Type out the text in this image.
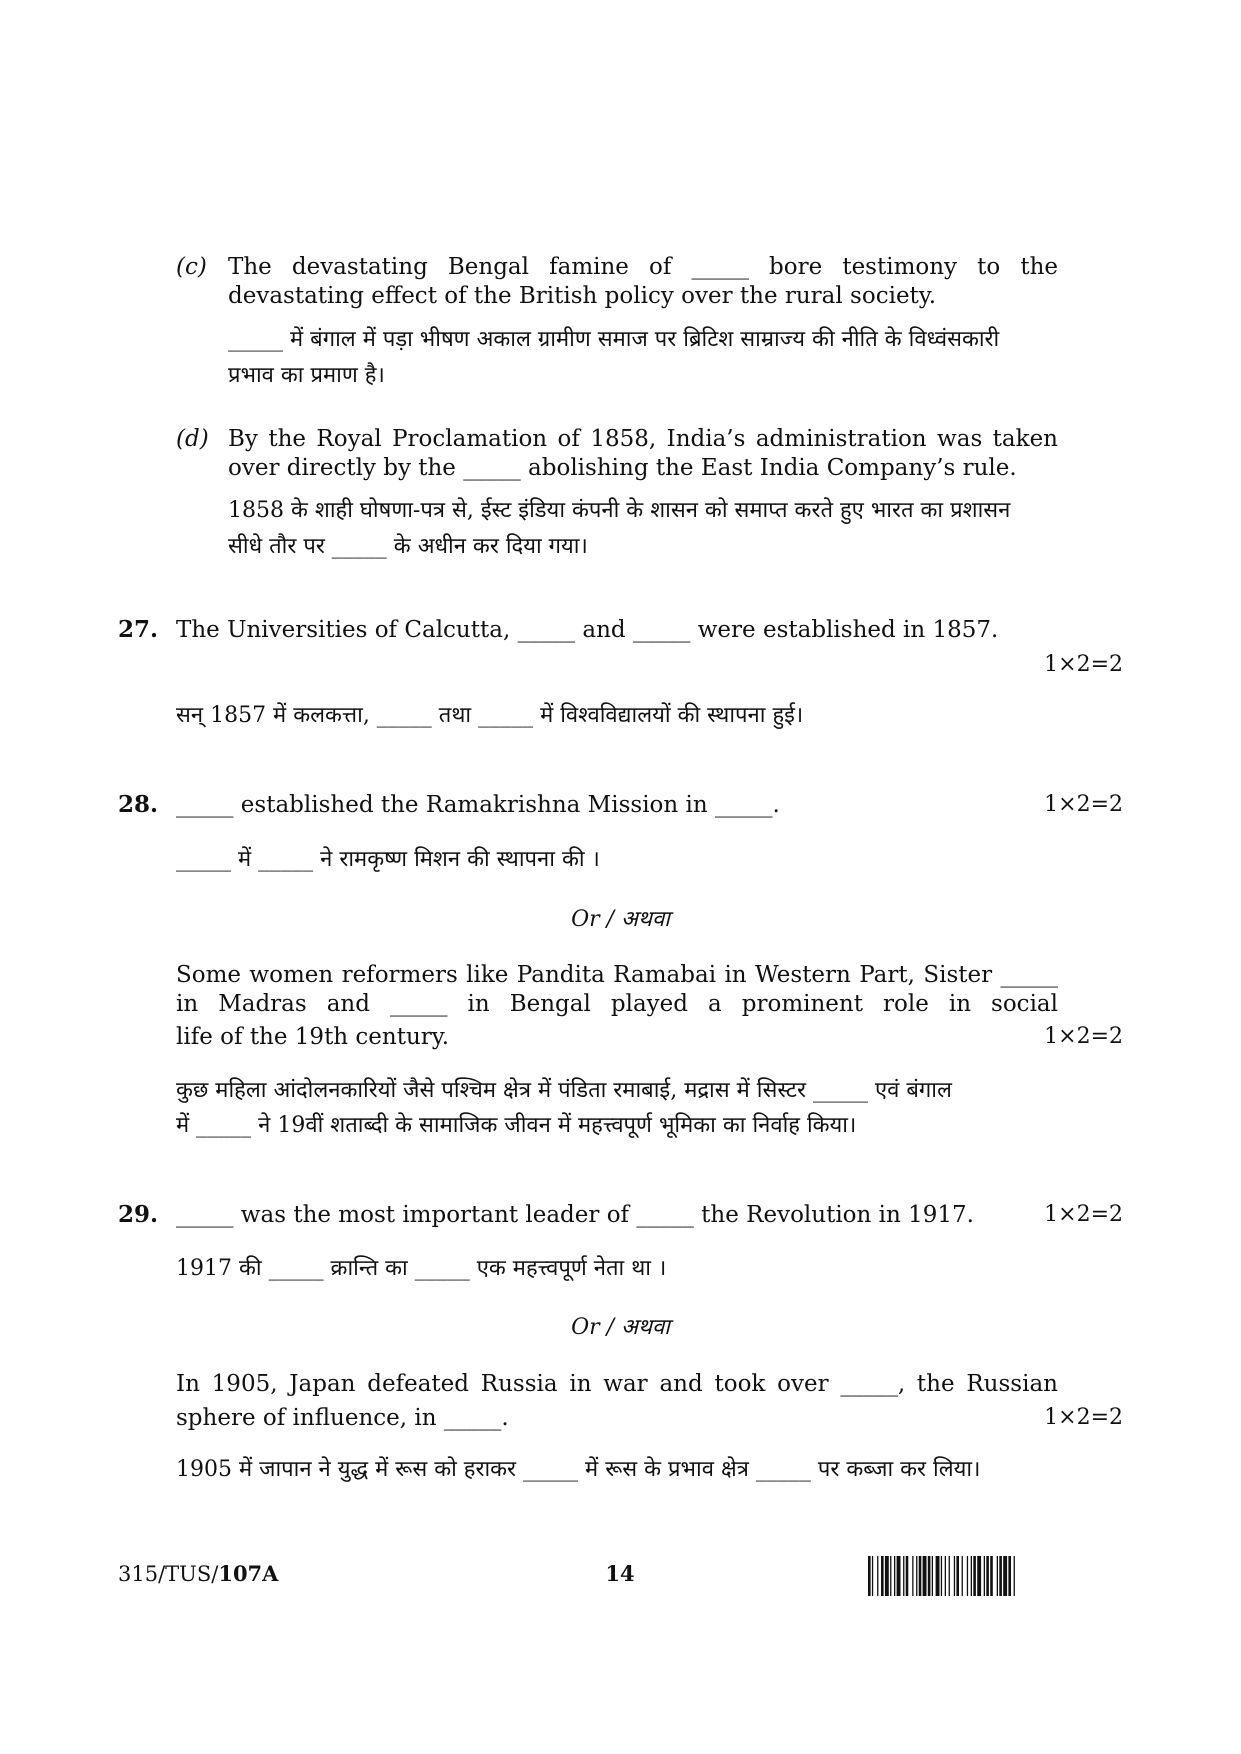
(c) The devastating Bengal famine of _____ bore testimony to the
devastating effect of the British policy over the rural society.
_____ में बंगाल में पड़ा भीषण अकाल ग्रामीण समाज पर ब्रिटिश साम्राज्य की नीति के विध्वंसकारी
प्रभाव का प्रमाण है।
(d) By the Royal Proclamation of 1858, India’s administration was taken
over directly by the _____ abolishing the East India Company’s rule.
1858 के शाही घोषणा-पत्र से, ईस्ट इंडिया कंपनी के शासन को समाप्त करते हुए भारत का प्रशासन
सीधे तौर पर _____ के अधीन कर दिया गया।
27. The Universities of Calcutta, _____ and _____ were established in 1857.
1×2=2
सन् 1857 में कलकत्ता, _____ तथा _____ में विश्वविद्यालयों की स्थापना हुई।
28. _____ established the Ramakrishna Mission in _____.	1×2=2
_____ में _____ ने रामकृष्ण मिशन की स्थापना की ।
Or / अथवा
Some women reformers like Pandita Ramabai in Western Part, Sister _____
in Madras and _____ in Bengal played a prominent role in social
life of the 19th century.	1×2=2
कुछ महिला आंदोलनकारियों जैसे पश्चिम क्षेत्र में पंडिता रमाबाई, मद्रास में सिस्टर _____ एवं बंगाल
में _____ ने 19वीं शताब्दी के सामाजिक जीवन में महत्त्वपूर्ण भूमिका का निर्वाह किया।
29. _____ was the most important leader of _____ the Revolution in 1917.	1×2=2
1917 की _____ क्रान्ति का _____ एक महत्त्वपूर्ण नेता था ।
Or / अथवा
In 1905, Japan defeated Russia in war and took over _____, the Russian
sphere of influence, in _____.	1×2=2
1905 में जापान ने युद्ध में रूस को हराकर _____ में रूस के प्रभाव क्षेत्र _____ पर कब्जा कर लिया।
315/TUS/107A	14
